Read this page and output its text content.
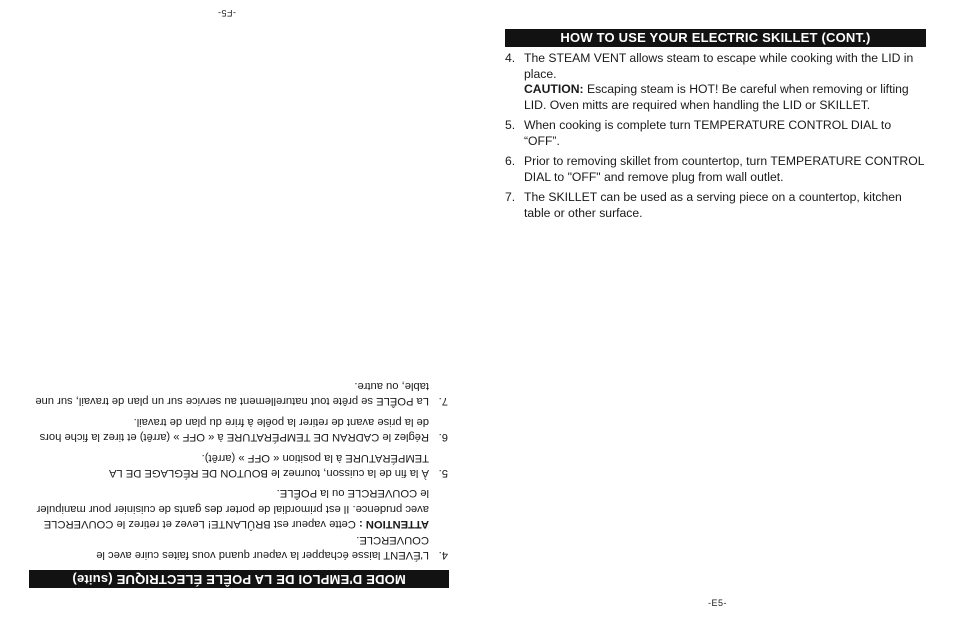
-F5-
MODE D'EMPLOI DE LA POÊLE ÉLECTRIQUE (suite)
4.
L'ÉVENT laisse échapper la vapeur quand vous faites cuire avec le COUVERCLE.
ATTENTION : Cette vapeur est BRÛLANTE! Levez et retirez le COUVERCLE avec prudence. Il est primordial de porter des gants de cuisinier pour manipuler le COUVERCLE ou la POÊLE.
5.
À la fin de la cuisson, tournez le BOUTON DE RÉGLAGE DE LA TEMPÉRATURE à la position « OFF » (arrêt).
6.
Réglez le CADRAN DE TEMPÉRATURE à « OFF » (arrêt) et tirez la fiche hors de la prise avant de retirer la poêle à frire du plan de travail.
7.
La POÊLE se prête tout naturellement au service sur un plan de travail, sur une table, ou autre.
-E5-
HOW TO USE YOUR ELECTRIC SKILLET (CONT.)
4. The STEAM VENT allows steam to escape while cooking with the LID in place.
CAUTION: Escaping steam is HOT! Be careful when removing or lifting LID. Oven mitts are required when handling the LID or SKILLET.
5. When cooking is complete turn TEMPERATURE CONTROL DIAL to “OFF”.
6. Prior to removing skillet from countertop, turn TEMPERATURE CONTROL DIAL to "OFF" and remove plug from wall outlet.
7. The SKILLET can be used as a serving piece on a countertop, kitchen table or other surface.
